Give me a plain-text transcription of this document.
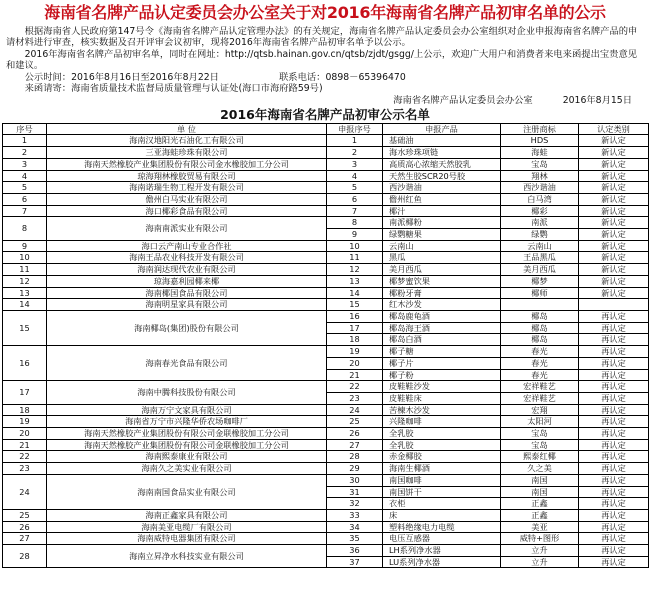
海南省名牌产品认定委员会办公室关于对2016年海南省名牌产品初审名单的公示

根据海南省人民政府第147号令《海南省名牌产品认定管理办法》的有关规定，海南省名牌产品认定委员会办公室组织对企业申报海南省名牌产品的申请材料进行审查，核实数据及召开评审会议初审，现将2016年海南省名牌产品初审名单予以公示。

2016年海南省名牌产品初审名单，同时在网址：http://qtsb.hainan.gov.cn/qtsb/zjdt/gsgg/上公示，欢迎广大用户和消费者来电来函提出宝贵意见和建议。

公示时间：2016年8月16日至2016年8月22日	联系电话：0898－65396470

来函请寄：海南省质量技术监督局质量管理与认证处(海口市海府路59号)

海南省名牌产品认定委员会办公室	2016年8月15日
2016年海南省名牌产品初审公示名单
序号	单 位	申报序号	申报产品	注册商标	认定类别
1	海南汉地阳光石油化工有限公司	1	基础油	HDS	新认定
2	三亚海蛙珍珠有限公司	2	海水珍珠项链	海蛙	新认定
3	海南天然橡胶产业集团股份有限公司金水橡胶加工分公司	3	高质高心浓缩天然胶乳	宝岛	新认定
4	琼海翔林橡胶贸易有限公司	4	天然生胶SCR20号胶	翔林	新认定
5	海南诺瑞生物工程开发有限公司	5	西沙谐油	西沙谐油	新认定
6	儋州白马实业有限公司	6	儋州红鱼	白马湾	新认定
7	海口椰彩食品有限公司	7	椰汁	椰彩	新认定
8	海南南派实业有限公司	8	南派椰粉	南派	新认定
		9	绿鹦糖果	绿鹦	新认定
9	海口云产南山专业合作社	10	云南山	云南山	新认定
10	海南王品农业科技开发有限公司	11	黑瓜	王品黑瓜	新认定
11	海南润达现代农业有限公司	12	美月西瓜	美月西瓜	新认定
12	琼海嘉利园椰来椰	13	椰梦蜜饮果	椰梦	新认定
13	海南椰国食品有限公司	14	椰粉牙膏	椰师	新认定
14	海南明星家具有限公司	15	红木沙发		
15	海南椰岛(集团)股份有限公司	16	椰岛鹿龟酒	椰岛	再认定
		17	椰岛海王酒	椰岛	再认定
		18	椰岛白酒	椰岛	再认定
16	海南春光食品有限公司	19	椰子糖	春光	再认定
		20	椰子片	春光	再认定
		21	椰子粉	春光	再认定
17	海南中腾科技股份有限公司	22	皮鞋鞋沙发	宏祥鞋艺	再认定
		23	皮鞋鞋床	宏祥鞋艺	再认定
18	海南万宁文家具有限公司	24	苦楝木沙发	宏翔	再认定
19	海南省万宁市兴隆华侨农场咖啡厂	25	兴隆咖啡	太阳河	再认定
20	海南天然橡胶产业集团股份有限公司金联橡胶加工分公司	26	全乳胶	宝岛	再认定
21	海南天然橡胶产业集团股份有限公司金联橡胶加工分公司	27	全乳胶	宝岛	再认定
22	海南熙泰康业有限公司	28	赤金椰胶	熙泰红椰	再认定
23	海南久之美实业有限公司	29	海南生椰酒	久之美	再认定
24	海南南国食品实业有限公司	30	南国咖啡	南国	再认定
		31	南国饼干	南国	再认定
		32	衣柜	正鑫	再认定
25	海南正鑫家具有限公司	33	床	正鑫	再认定
26	海南美亚电缆厂有限公司	34	塑料绝缘电力电缆	美亚	再认定
27	海南威特电器集团有限公司	35	电压互感器	威特+图形	再认定
28	海南立昇净水科技实业有限公司	36	LH系列净水器	立升	再认定
		37	LU系列净水器	立升	再认定
